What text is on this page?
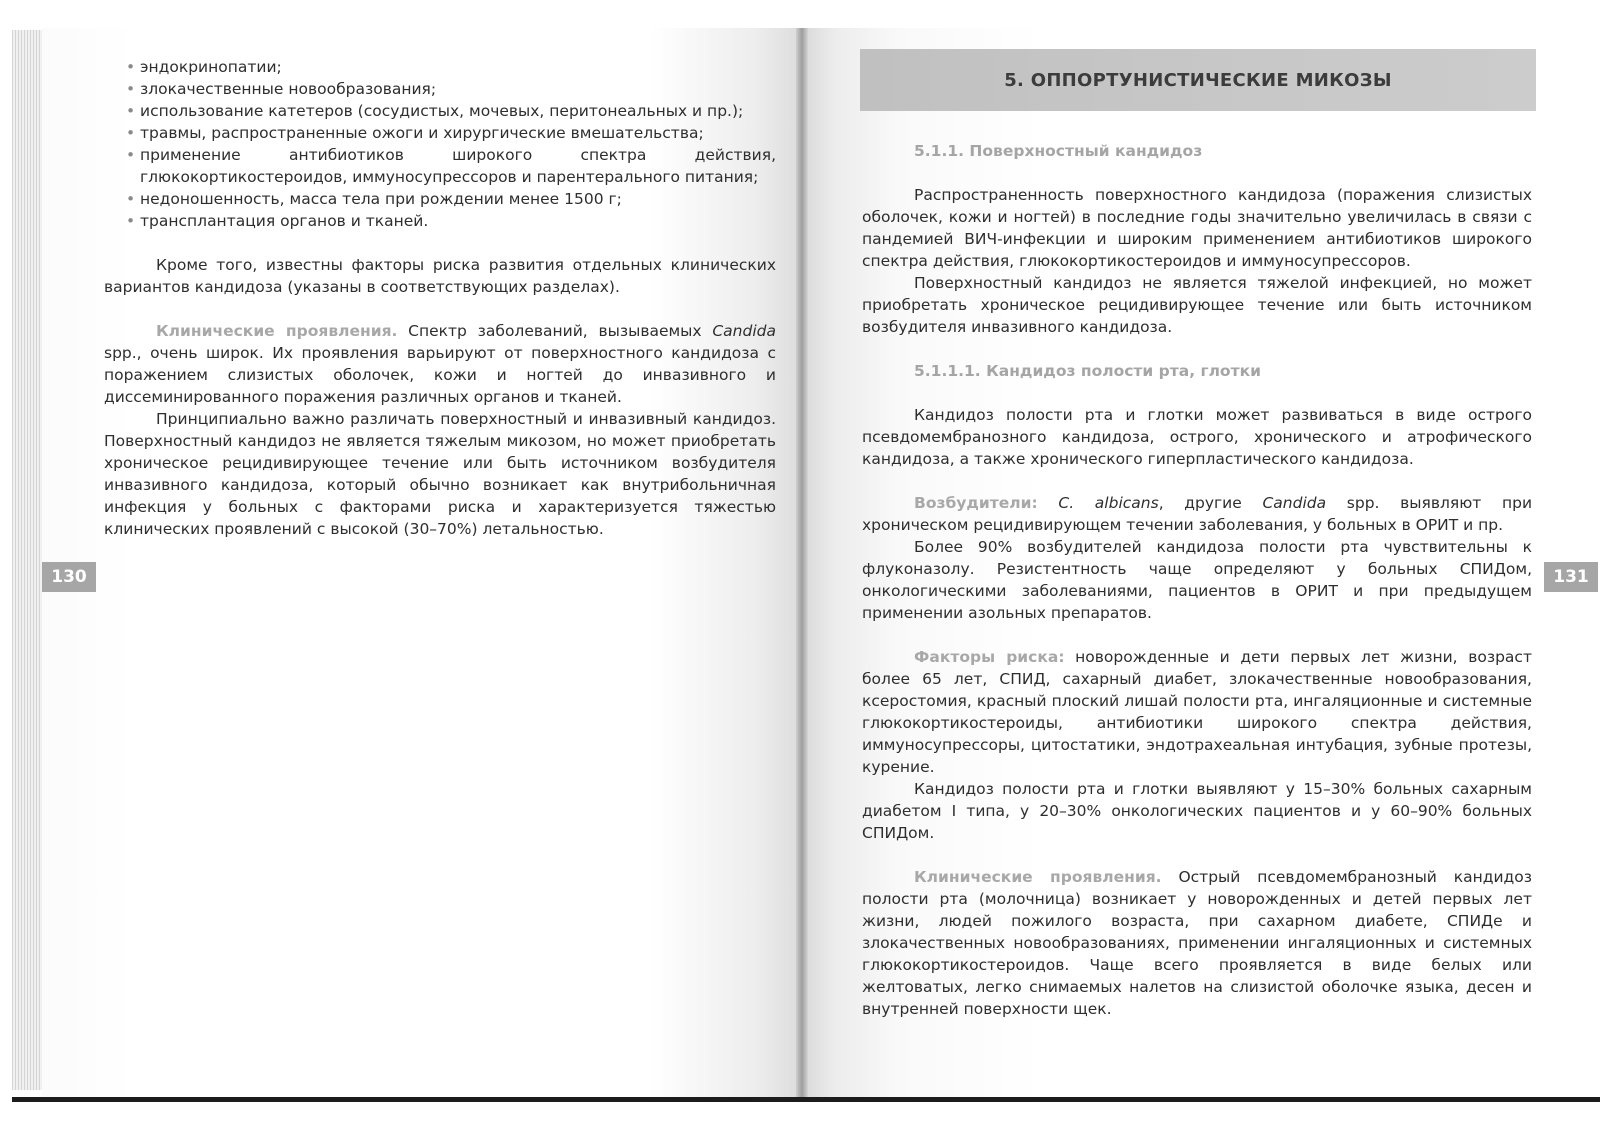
130	131
• эндокринопатии;
• злокачественные новообразования;
• использование катетеров (сосудистых, мочевых, перитонеальных и пр.);
• травмы, распространенные ожоги и хирургические вмешательства;
• применение антибиотиков широкого спектра действия, глюкокортикостероидов, иммуносупрессоров и парентерального питания;
• недоношенность, масса тела при рождении менее 1500 г;
• трансплантация органов и тканей.

Кроме того, известны факторы риска развития отдельных клинических вариантов кандидоза (указаны в соответствующих разделах).

Клинические проявления. Спектр заболеваний, вызываемых Candida spp., очень широк. Их проявления варьируют от поверхностного кандидоза с поражением слизистых оболочек, кожи и ногтей до инвазивного и диссеминированного поражения различных органов и тканей.

Принципиально важно различать поверхностный и инвазивный кандидоз. Поверхностный кандидоз не является тяжелым микозом, но может приобретать хроническое рецидивирующее течение или быть источником возбудителя инвазивного кандидоза, который обычно возникает как внутрибольничная инфекция у больных с факторами риска и характеризуется тяжестью клинических проявлений с высокой (30–70%) летальностью.

5. ОППОРТУНИСТИЧЕСКИЕ МИКОЗЫ

5.1.1. Поверхностный кандидоз

Распространенность поверхностного кандидоза (поражения слизистых оболочек, кожи и ногтей) в последние годы значительно увеличилась в связи с пандемией ВИЧ-инфекции и широким применением антибиотиков широкого спектра действия, глюкокортикостероидов и иммуносупрессоров.

Поверхностный кандидоз не является тяжелой инфекцией, но может приобретать хроническое рецидивирующее течение или быть источником возбудителя инвазивного кандидоза.

5.1.1.1. Кандидоз полости рта, глотки

Кандидоз полости рта и глотки может развиваться в виде острого псевдомембранозного кандидоза, острого, хронического и атрофического кандидоза, а также хронического гиперпластического кандидоза.

Возбудители: C. albicans, другие Candida spp. выявляют при хроническом рецидивирующем течении заболевания, у больных в ОРИТ и пр.

Более 90% возбудителей кандидоза полости рта чувствительны к флуконазолу. Резистентность чаще определяют у больных СПИДом, онкологическими заболеваниями, пациентов в ОРИТ и при предыдущем применении азольных препаратов.

Факторы риска: новорожденные и дети первых лет жизни, возраст более 65 лет, СПИД, сахарный диабет, злокачественные новообразования, ксеростомия, красный плоский лишай полости рта, ингаляционные и системные глюкокортикостероиды, антибиотики широкого спектра действия, иммуносупрессоры, цитостатики, эндотрахеальная интубация, зубные протезы, курение.

Кандидоз полости рта и глотки выявляют у 15–30% больных сахарным диабетом I типа, у 20–30% онкологических пациентов и у 60–90% больных СПИДом.

Клинические проявления. Острый псевдомембранозный кандидоз полости рта (молочница) возникает у новорожденных и детей первых лет жизни, людей пожилого возраста, при сахарном диабете, СПИДе и злокачественных новообразованиях, применении ингаляционных и системных глюкокортикостероидов. Чаще всего проявляется в виде белых или желтоватых, легко снимаемых налетов на слизистой оболочке языка, десен и внутренней поверхности щек.
